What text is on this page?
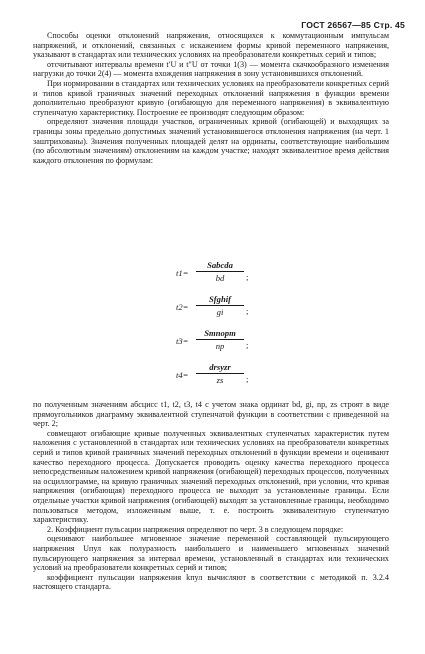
ГОСТ 26567—85 Стр. 45

Способы оценки отклонений напряжения, относящихся к коммутационным импульсам напряжений, и отклонений, связанных с искажением формы кривой переменного напряжения, указывают в стандартах или технических условиях на преобразователи конкретных серий и типов;

отсчитывают интервалы времени t′U и t″U от точки 1(3) — момента скачкообразного изменения нагрузки до точки 2(4) — момента вхождения напряжения в зону установившихся отклонений.

При нормировании в стандартах или технических условиях на преобразователи конкретных серий и типов кривой граничных значений переходных отклонений напряжения в функции времени дополнительно преобразуют кривую (огибающую для переменного напряжения) в эквивалентную ступенчатую характеристику. Построение ее производят следующим образом:

определяют значения площади участков, ограниченных кривой (огибающей) и выходящих за границы зоны предельно допустимых значений установившегося отклонения напряжения (на черт. 1 заштрихованы). Значения полученных площадей делят на ординаты, соответствующие наибольшим (по абсолютным значениям) отклонениям на каждом участке; находят эквивалентное время действия каждого отклонения по формулам:

t1=
Sabcda
bd	;
t2=
Sfghif
gi	;
t3=
Smnopm
np	;
t4=
drsyzr
zs	;

по полученным значениям абсцисс t1, t2, t3, t4 с учетом знака ординат bd, gi, np, zs строят в виде прямоугольников диаграмму эквивалентной ступенчатой функции в соответствии с приведенной на черт. 2;

совмещают огибающие кривые полученных эквивалентных ступенчатых характеристик путем наложения с установленной в стандартах или технических условиях на преобразователи конкретных серий и типов кривой граничных значений переходных отклонений в функции времени и оценивают качество переходного процесса. Допускается проводить оценку качества переходного процесса непосредственным наложением кривой напряжения (огибающей) переходных процессов, полученных на осциллограмме, на кривую граничных значений переходных отклонений, при условии, что кривая напряжения (огибающая) переходного процесса не выходит за установленные границы. Если отдельные участки кривой напряжения (огибающей) выходят за установленные границы, необходимо пользоваться методом, изложенным выше, т. е. построить эквивалентную ступенчатую характеристику.

2. Коэффициент пульсации напряжения определяют по черт. 3 в следующем порядке:

оценивают наибольшее мгновенное значение переменной составляющей пульсирующего напряжения Uпул как полуразность наибольшего и наименьшего мгновенных значений пульсирующего напряжения за интервал времени, установленный в стандартах или технических условий на преобразователи конкретных серий и типов;

коэффициент пульсации напряжения kпул вычисляют в соответствии с методикой п. 3.2.4 настоящего стандарта.
